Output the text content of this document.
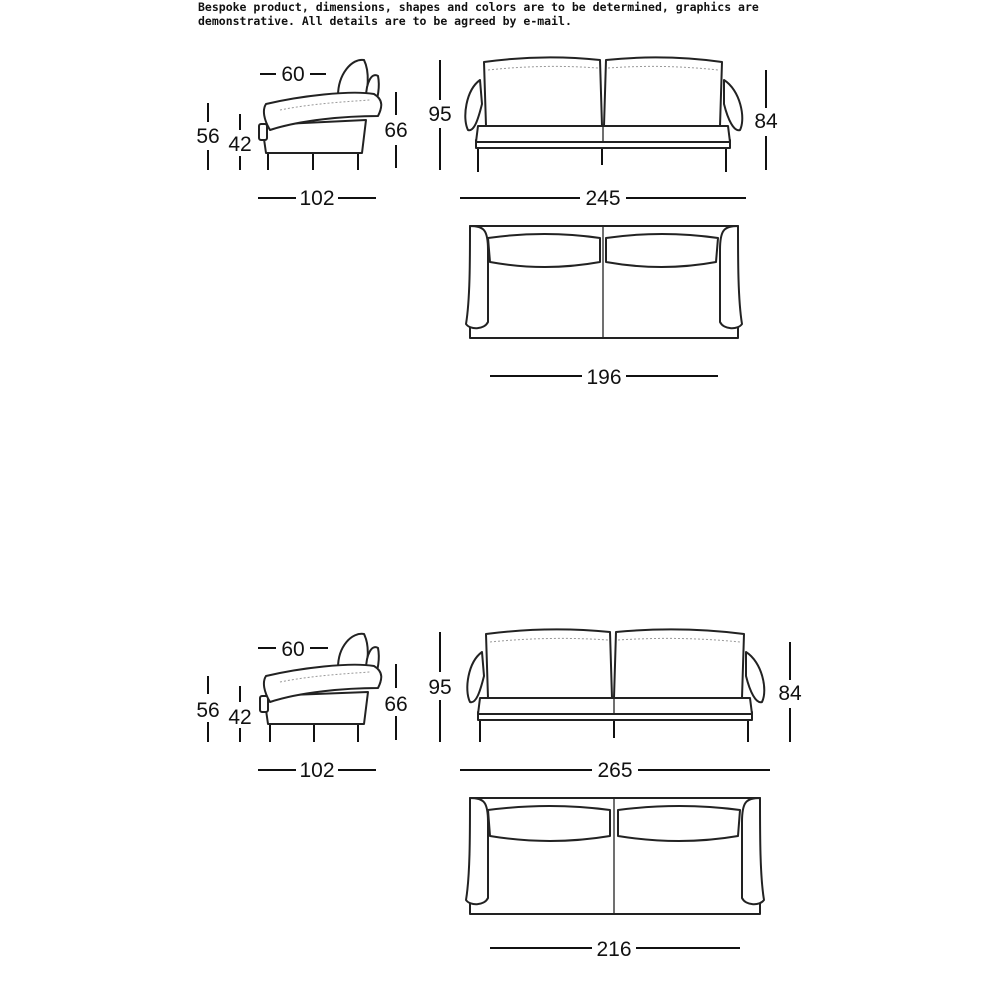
Bespoke product, dimensions, shapes and colors are to be determined, graphics are
demonstrative. All details are to be agreed by e-mail.

60
56 42
66
102
95	84
245
196
60
56 42
66
102
95	84
265
216
